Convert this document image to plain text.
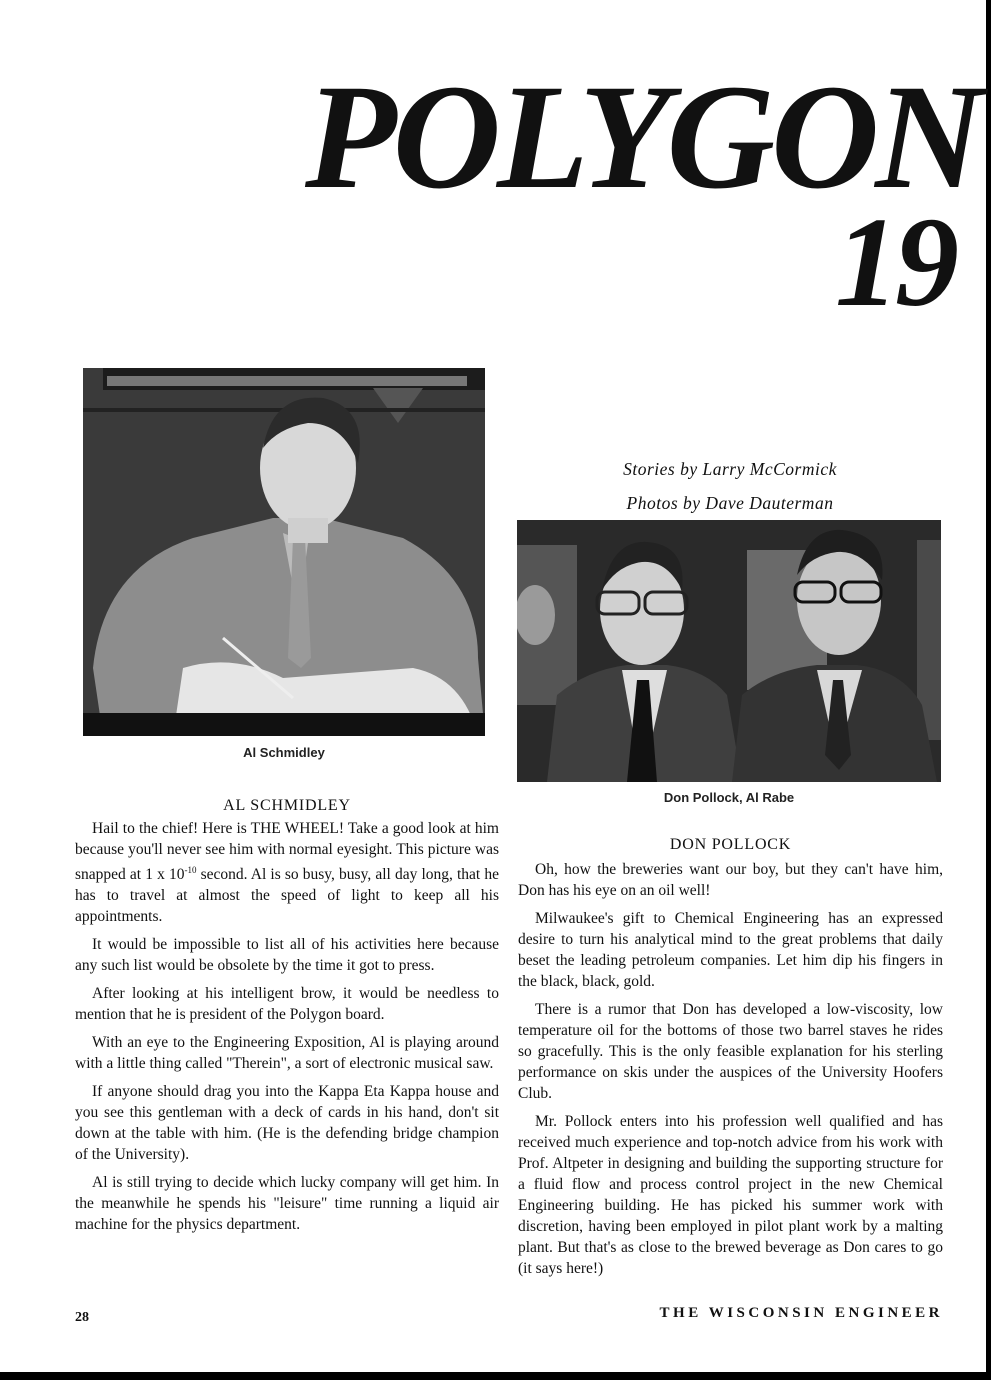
POLYGON
19
Al Schmidley
Stories by Larry McCormick
Photos by Dave Dauterman
Don Pollock, Al Rabe
AL SCHMIDLEY

Hail to the chief! Here is THE WHEEL! Take a good look at him because you'll never see him with normal eyesight. This picture was snapped at 1 x $10^{-10}$ second. Al is so busy, busy, all day long, that he has to travel at almost the speed of light to keep all his appointments.

It would be impossible to list all of his activities here because any such list would be obsolete by the time it got to press.

After looking at his intelligent brow, it would be needless to mention that he is president of the Polygon board.

With an eye to the Engineering Exposition, Al is playing around with a little thing called "Therein", a sort of electronic musical saw.

If anyone should drag you into the Kappa Eta Kappa house and you see this gentleman with a deck of cards in his hand, don't sit down at the table with him. (He is the defending bridge champion of the University).

Al is still trying to decide which lucky company will get him. In the meanwhile he spends his "leisure" time running a liquid air machine for the physics department.

DON POLLOCK

Oh, how the breweries want our boy, but they can't have him, Don has his eye on an oil well!

Milwaukee's gift to Chemical Engineering has an expressed desire to turn his analytical mind to the great problems that daily beset the leading petroleum companies. Let him dip his fingers in the black, black, gold.

There is a rumor that Don has developed a low-viscosity, low temperature oil for the bottoms of those two barrel staves he rides so gracefully. This is the only feasible explanation for his sterling performance on skis under the auspices of the University Hoofers Club.

Mr. Pollock enters into his profession well qualified and has received much experience and top-notch advice from his work with Prof. Altpeter in designing and building the supporting structure for a fluid flow and process control project in the new Chemical Engineering building. He has picked his summer work with discretion, having been employed in pilot plant work by a malting plant. But that's as close to the brewed beverage as Don cares to go (it says here!)

28	THE WISCONSIN ENGINEER
